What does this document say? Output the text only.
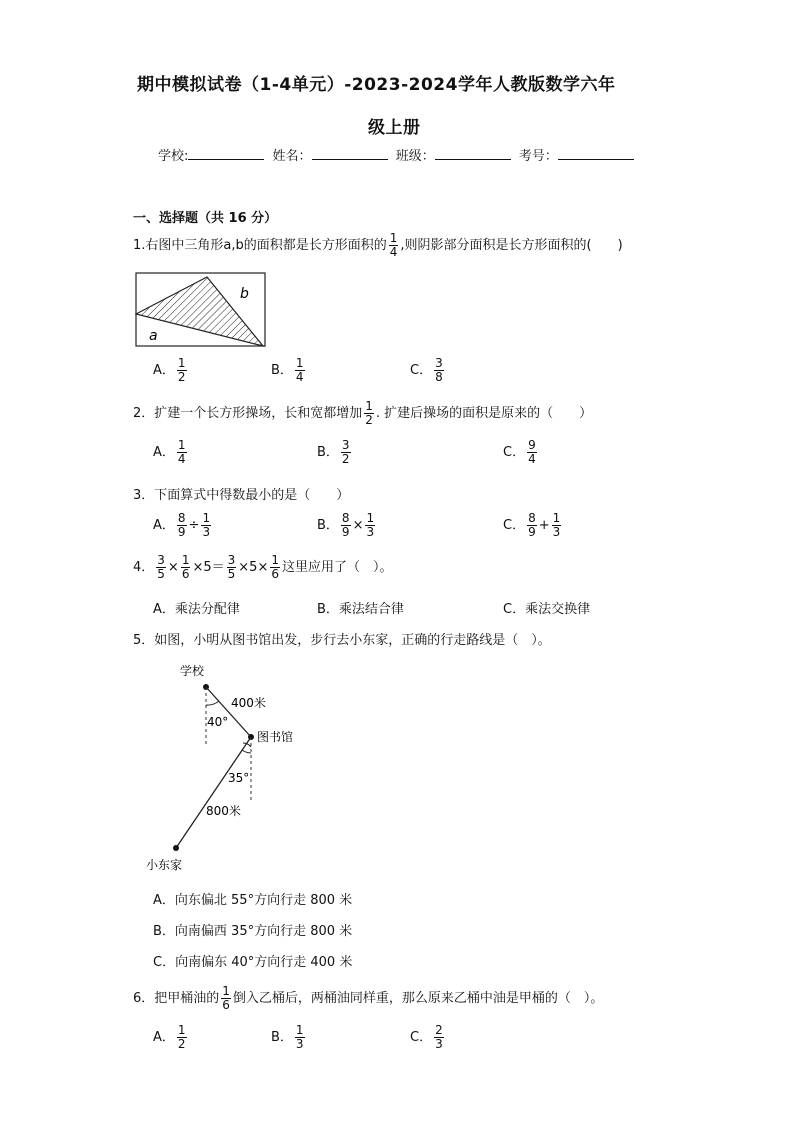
期中模拟试卷（1-4单元）-2023-2024学年人教版数学六年
级上册
学校:	姓名：	班级：	考号：
一、选择题（共 16 分）
1.右图中三角形a,b的面积都是长方形面积的 $\frac{1}{4}$ ,则阴影部分面积是长方形面积的(　　)
b
a
A． $\frac{1}{2}$	B． $\frac{1}{4}$	C． $\frac{3}{8}$
2．扩建一个长方形操场，长和宽都增加 $\frac{1}{2}$ . 扩建后操场的面积是原来的（　　）
A． $\frac{1}{4}$	B． $\frac{3}{2}$	C． $\frac{9}{4}$
3．下面算式中得数最小的是（　　）
A． $\frac{8}{9} \div \frac{1}{3}$	B． $\frac{8}{9} \times \frac{1}{3}$	C． $\frac{8}{9} + \frac{1}{3}$
4． $\frac{3}{5} \times \frac{1}{6} \times 5= \frac{3}{5} \times 5\times \frac{1}{6}$ 这里应用了（　）。
A．乘法分配律	B．乘法结合律	C．乘法交换律
5．如图，小明从图书馆出发，步行去小东家，正确的行走路线是（　）。
学校
400米
40°
图书馆
35°
800米
小东家
A．向东偏北 55°方向行走 800 米
B．向南偏西 35°方向行走 800 米
C．向南偏东 40°方向行走 400 米
6．把甲桶油的 $\frac{1}{6}$ 倒入乙桶后，两桶油同样重，那么原来乙桶中油是甲桶的（　）。
A． $\frac{1}{2}$	B． $\frac{1}{3}$	C． $\frac{2}{3}$
